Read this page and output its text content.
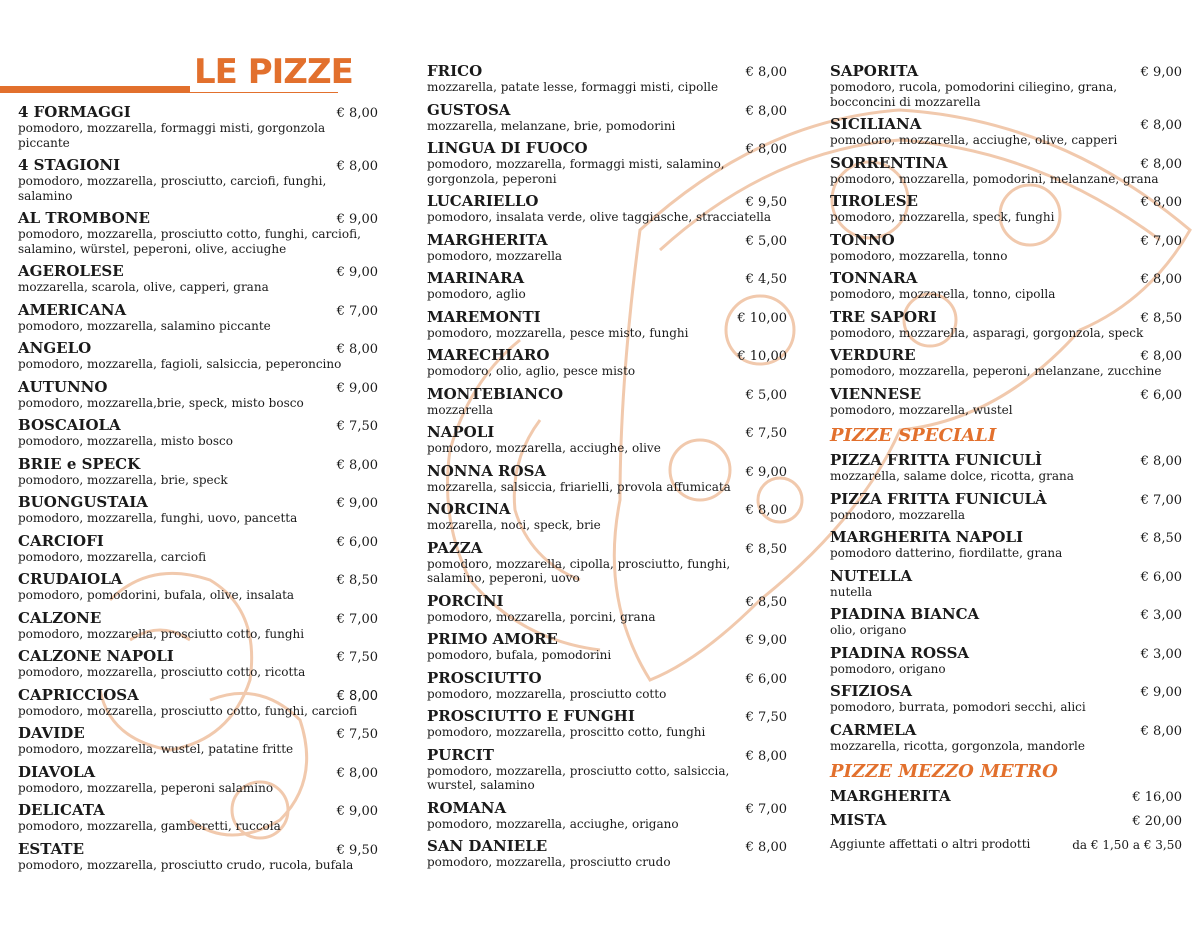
LE PIZZE
4 FORMAGGI	€ 8,00
pomodoro, mozzarella, formaggi misti, gorgonzola piccante
4 STAGIONI	€ 8,00
pomodoro, mozzarella, prosciutto, carciofi, funghi, salamino
AL TROMBONE	€ 9,00
pomodoro, mozzarella, prosciutto cotto, funghi, carciofi, salamino, würstel, peperoni, olive, acciughe
AGEROLESE	€ 9,00
mozzarella, scarola, olive, capperi, grana
AMERICANA	€ 7,00
pomodoro, mozzarella, salamino piccante
ANGELO	€ 8,00
pomodoro, mozzarella, fagioli, salsiccia, peperoncino
AUTUNNO	€ 9,00
pomodoro, mozzarella,brie, speck, misto bosco
BOSCAIOLA	€ 7,50
pomodoro, mozzarella, misto bosco
BRIE e SPECK	€ 8,00
pomodoro, mozzarella, brie, speck
BUONGUSTAIA	€ 9,00
pomodoro, mozzarella, funghi, uovo, pancetta
CARCIOFI	€ 6,00
pomodoro, mozzarella, carciofi
CRUDAIOLA	€ 8,50
pomodoro, pomodorini, bufala, olive, insalata
CALZONE	€ 7,00
pomodoro, mozzarella, prosciutto cotto, funghi
CALZONE NAPOLI	€ 7,50
pomodoro, mozzarella, prosciutto cotto, ricotta
CAPRICCIOSA	€ 8,00
pomodoro, mozzarella, prosciutto cotto, funghi, carciofi
DAVIDE	€ 7,50
pomodoro, mozzarella, wustel, patatine fritte
DIAVOLA	€ 8,00
pomodoro, mozzarella, peperoni salamino
DELICATA	€ 9,00
pomodoro, mozzarella, gamberetti, ruccola
ESTATE	€ 9,50
pomodoro, mozzarella, prosciutto crudo, rucola, bufala
FRICO	€ 8,00
mozzarella, patate lesse, formaggi misti, cipolle
GUSTOSA	€ 8,00
mozzarella, melanzane, brie, pomodorini
LINGUA DI FUOCO	€ 8,00
pomodoro, mozzarella, formaggi misti, salamino, gorgonzola, peperoni
LUCARIELLO	€ 9,50
pomodoro, insalata verde, olive taggiasche, stracciatella
MARGHERITA	€ 5,00
pomodoro, mozzarella
MARINARA	€ 4,50
pomodoro, aglio
MAREMONTI	€ 10,00
pomodoro, mozzarella, pesce misto, funghi
MARECHIARO	€ 10,00
pomodoro, olio, aglio, pesce misto
MONTEBIANCO	€ 5,00
mozzarella
NAPOLI	€ 7,50
pomodoro, mozzarella, acciughe, olive
NONNA ROSA	€ 9,00
mozzarella, salsiccia, friarielli, provola affumicata
NORCINA	€ 8,00
mozzarella, noci, speck, brie
PAZZA	€ 8,50
pomodoro, mozzarella, cipolla, prosciutto, funghi, salamino, peperoni, uovo
PORCINI	€ 8,50
pomodoro, mozzarella, porcini, grana
PRIMO AMORE	€ 9,00
pomodoro, bufala, pomodorini
PROSCIUTTO	€ 6,00
pomodoro, mozzarella, prosciutto cotto
PROSCIUTTO E FUNGHI	€ 7,50
pomodoro, mozzarella, proscitto cotto, funghi
PURCIT	€ 8,00
pomodoro, mozzarella, prosciutto cotto, salsiccia, wurstel, salamino
ROMANA	€ 7,00
pomodoro, mozzarella, acciughe, origano
SAN DANIELE	€ 8,00
pomodoro, mozzarella, prosciutto crudo
SAPORITA	€ 9,00
pomodoro, rucola, pomodorini ciliegino, grana, bocconcini di mozzarella
SICILIANA	€ 8,00
pomodoro, mozzarella, acciughe, olive, capperi
SORRENTINA	€ 8,00
pomodoro, mozzarella, pomodorini, melanzane, grana
TIROLESE	€ 8,00
pomodoro, mozzarella, speck, funghi
TONNO	€ 7,00
pomodoro, mozzarella, tonno
TONNARA	€ 8,00
pomodoro, mozzarella, tonno, cipolla
TRE SAPORI	€ 8,50
pomodoro, mozzarella, asparagi, gorgonzola, speck
VERDURE	€ 8,00
pomodoro, mozzarella, peperoni, melanzane, zucchine
VIENNESE	€ 6,00
pomodoro, mozzarella, wustel
PIZZE SPECIALI
PIZZA FRITTA FUNICULÌ	€ 8,00
mozzarella, salame dolce, ricotta, grana
PIZZA FRITTA FUNICULÀ	€ 7,00
pomodoro, mozzarella
MARGHERITA NAPOLI	€ 8,50
pomodoro datterino, fiordilatte, grana
NUTELLA	€ 6,00
nutella
PIADINA BIANCA	€ 3,00
olio, origano
PIADINA ROSSA	€ 3,00
pomodoro, origano
SFIZIOSA	€ 9,00
pomodoro, burrata, pomodori secchi, alici
CARMELA	€ 8,00
mozzarella, ricotta, gorgonzola, mandorle
PIZZE MEZZO METRO
MARGHERITA	€ 16,00
MISTA	€ 20,00
Aggiunte affettati o altri prodotti	da € 1,50 a € 3,50
